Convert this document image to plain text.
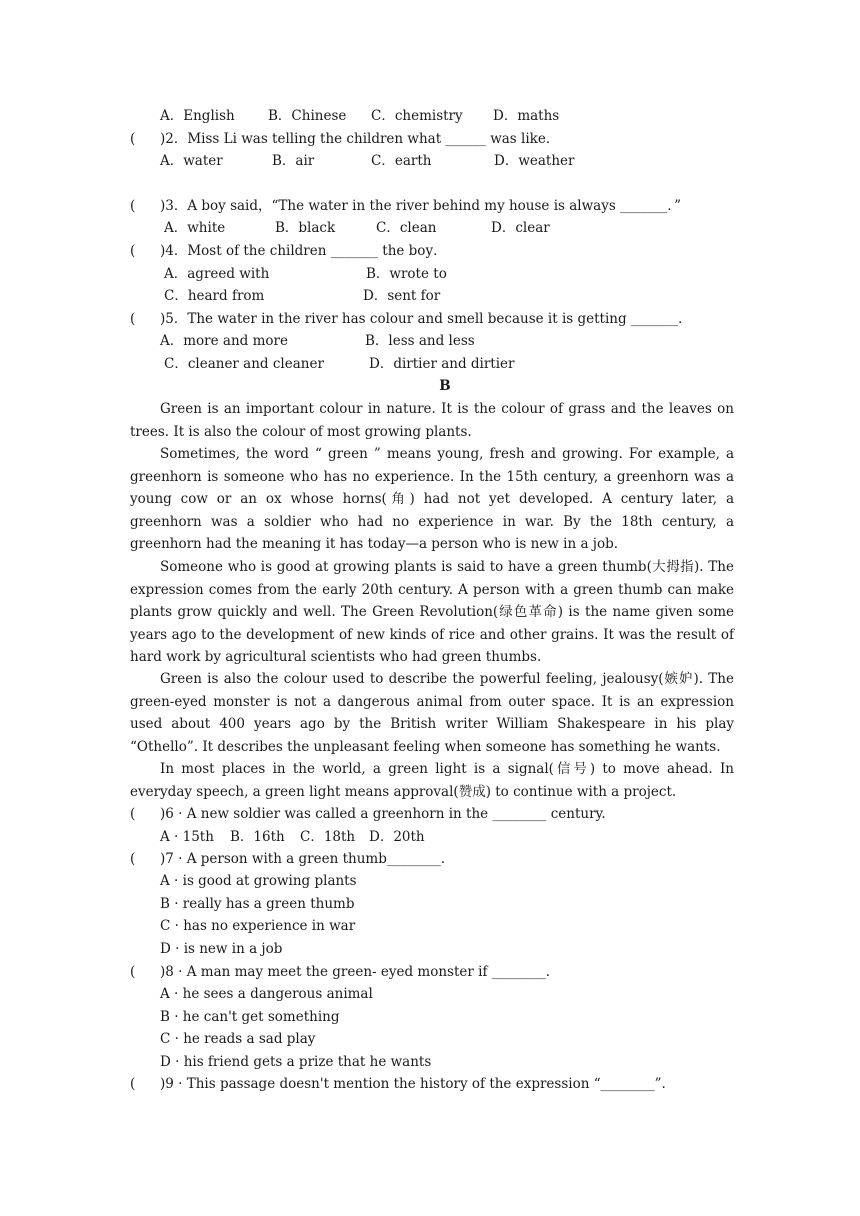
A．English B．Chinese C．chemistry D．maths
( )2．Miss Li was telling the children what ______ was like．
A．water	B．air	C．earth	D．weather
( )3．A boy said，“The water in the river behind my house is always _______．”
A．white	B．black	C．clean	D．clear
( )4．Most of the children _______ the boy．
A．agreed with	B．wrote to
C．heard from	D．sent for
( )5．The water in the river has colour and smell because it is getting _______．
A．more and more	B．less and less
C．cleaner and cleaner	D．dirtier and dirtier
B

Green is an important colour in nature. It is the colour of grass and the leaves on trees. It is also the colour of most growing plants.

Sometimes, the word “ green ” means young, fresh and growing. For example, a greenhorn is someone who has no experience. In the 15th century, a greenhorn was a young cow or an ox whose horns(角) had not yet developed. A century later, a greenhorn was a soldier who had no experience in war. By the 18th century, a greenhorn had the meaning it has today—a person who is new in a job.

Someone who is good at growing plants is said to have a green thumb(大拇指). The expression comes from the early 20th century. A person with a green thumb can make plants grow quickly and well. The Green Revolution(绿色革命) is the name given some years ago to the development of new kinds of rice and other grains. It was the result of hard work by agricultural scientists who had green thumbs.

Green is also the colour used to describe the powerful feeling, jealousy(嫉妒). The green-eyed monster is not a dangerous animal from outer space. It is an expression used about 400 years ago by the British writer William Shakespeare in his play “Othello”. It describes the unpleasant feeling when someone has something he wants.

In most places in the world, a green light is a signal(信号) to move ahead. In everyday speech, a green light means approval(赞成) to continue with a project.

( )6 · A new soldier was called a greenhorn in the ________ century.
A · 15th B．16th C．18th D．20th
( )7 · A person with a green thumb________.
A · is good at growing plants
B · really has a green thumb
C · has no experience in war
D · is new in a job
( )8 · A man may meet the green- eyed monster if ________.
A · he sees a dangerous animal
B · he can't get something
C · he reads a sad play
D · his friend gets a prize that he wants
( )9 · This passage doesn't mention the history of the expression “________”.
